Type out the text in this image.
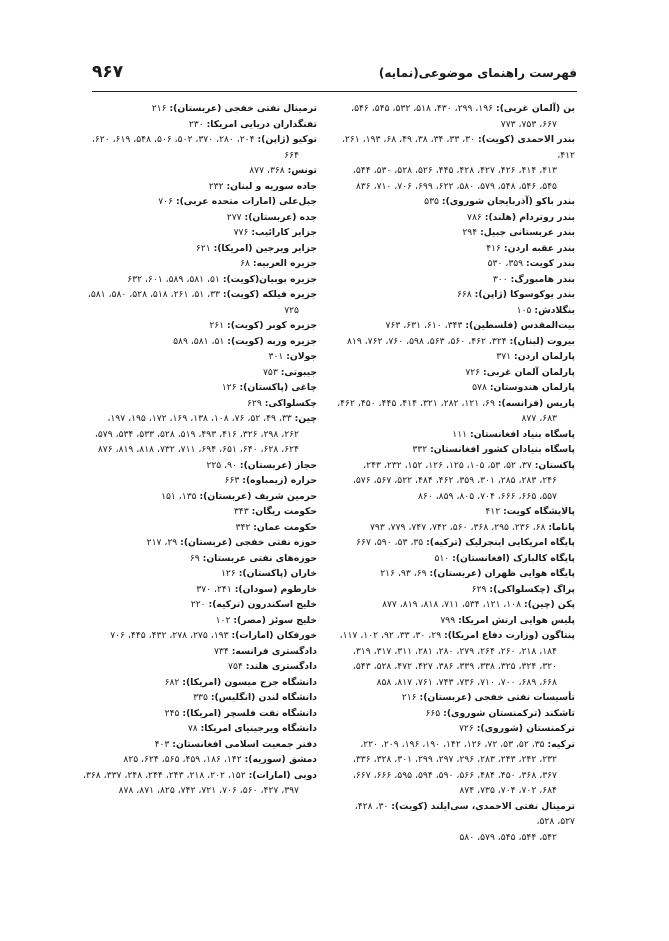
فهرست راهنمای موضوعی(نمایه)
۹۶۷

بن (آلمان غربی): ۱۹۶، ۲۹۹، ۴۳۰، ۵۱۸، ۵۳۲، ۵۴۵، ۵۴۶،
۶۶۷، ۷۵۳، ۷۷۳

بندر الاحمدی (کویت): ۳۰، ۳۳، ۳۴، ۳۸، ۴۹، ۶۸، ۱۹۳، ۲۶۱، ۴۱۲،
۴۱۳، ۴۱۴، ۴۲۶، ۴۲۷، ۴۲۸، ۴۴۵، ۵۲۶، ۵۲۸، ۵۳۰، ۵۴۴، ۵۴۵، ۵۴۶، ۵۴۸، ۵۷۹، ۵۸۰، ۶۲۲، ۶۹۹، ۷۰۶، ۷۱۰، ۸۳۶

بندر باکو (آذربایجان شوروی): ۵۳۵

بندر روتردام (هلند): ۷۸۶

بندر عربستانی جبیل: ۲۹۴

بندر عقبه اردن: ۴۱۶

بندر کویت: ۳۵۹، ۵۳۰

بندر هامبورگ: ۳۰۰

بندر یوکوسوکا (ژاپن): ۶۶۸

بنگلادش: ۱۰۵

بیت‌المقدس (فلسطین): ۳۴۳، ۶۱۰، ۶۳۱، ۷۶۳

بیروت (لبنان): ۳۲۴، ۴۶۲، ۵۶۰، ۵۶۳، ۵۹۸، ۷۶۰، ۷۶۲، ۸۱۹

پارلمان اردن: ۳۷۱

پارلمان آلمان غربی: ۷۲۶

پارلمان هندوستان: ۵۷۸

پاریس (فرانسه): ۶۹، ۱۲۱، ۲۸۲، ۳۲۱، ۴۱۴، ۴۴۵، ۴۵۰، ۴۶۲،
۶۸۳، ۸۷۷

پاسگاه بنیاد افغانستان: ۱۱۱

پاسگاه بنیادان کشور افغانستان: ۳۳۲

پاکستان: ۳۷، ۵۲، ۵۳، ۱۰۵، ۱۲۵، ۱۲۶، ۱۵۲، ۲۳۲، ۲۴۳،
۲۴۶، ۲۸۳، ۲۸۵، ۳۰۱، ۳۵۹، ۴۶۲، ۴۸۴، ۵۲۲، ۵۶۷، ۵۷۶، ۵۵۷، ۶۶۵، ۶۶۶، ۷۰۴، ۸۰۵، ۸۵۹، ۸۶۰

پالایشگاه کویت: ۴۱۲

پاناما: ۶۸، ۲۳۶، ۲۹۵، ۳۶۸، ۵۶۰، ۷۴۲، ۷۴۷، ۷۷۹، ۷۹۳

پایگاه امریکایی اینجرلیک (ترکیه): ۳۵، ۵۳، ۵۹۰، ۶۶۷

پایگاه کالبارک (افغانستان): ۵۱۰

پایگاه هوایی ظهران (عربستان): ۶۹، ۹۳، ۲۱۶

پراگ (چکسلواکی): ۶۲۹

پکن (چین): ۱۰۸، ۱۲۱، ۵۳۴، ۷۱۱، ۸۱۸، ۸۱۹، ۸۷۷

پلیس هوایی ارتش امریکا: ۷۹۹

پنتاگون (وزارت دفاع امریکا): ۲۹، ۳۰، ۳۳، ۹۲، ۱۰۲، ۱۱۷،
۱۸۴، ۲۱۸، ۲۶۰، ۲۶۴، ۲۷۹، ۲۸۰، ۲۸۱، ۳۱۱، ۳۱۷، ۳۱۹، ۳۲۰، ۳۲۴، ۳۲۵، ۳۳۸، ۳۳۹، ۳۸۶، ۴۲۷، ۴۷۲، ۵۲۸، ۵۴۳، ۶۶۸، ۶۸۹، ۷۰۰، ۷۱۰، ۷۳۶، ۷۴۳، ۷۶۱، ۸۱۷، ۸۵۸

تأسیسات نفتی خفجی (عربستان): ۲۱۶

تاشکند (ترکمنستان شوروی): ۶۶۵

ترکمنستان (شوروی): ۷۲۶

ترکیه: ۳۵، ۵۲، ۵۳، ۷۲، ۱۲۶، ۱۴۲، ۱۹۰، ۱۹۶، ۲۰۹، ۲۲۰،
۲۳۲، ۲۴۲، ۲۴۳، ۲۸۳، ۲۹۶، ۲۹۷، ۲۹۹، ۳۰۱، ۳۲۸، ۳۳۶، ۳۶۷، ۳۶۸، ۴۵۰، ۴۸۴، ۵۶۶، ۵۹۰، ۵۹۴، ۵۹۵، ۶۶۶، ۶۶۷، ۶۸۴، ۷۰۲، ۷۰۴، ۷۳۵، ۸۷۴

ترمینال نفتی الاحمدی، سی‌ایلند (کویت): ۳۰، ۴۲۸، ۵۲۷، ۵۲۸،
۵۴۲، ۵۴۴، ۵۴۵، ۵۷۹، ۵۸۰

ترمینال نفتی خفجی (عربستان): ۲۱۶

تفنگداران دریایی امریکا: ۲۳۰

توکیو (ژاپن): ۲۰۴، ۲۸۰، ۳۷۰، ۵۰۲، ۵۰۶، ۵۴۸، ۶۱۹، ۶۲۰،
۶۶۴

تونس: ۳۶۸، ۸۷۷

جاده سوریه و لبنان: ۲۳۲

جبل‌علی (امارات متحده عربی): ۷۰۶

جده (عربستان): ۲۷۷

جزایر کارائیب: ۷۷۶

جزایر ویرجین (امریکا): ۶۲۱

جزیره العربیه: ۶۸

جزیره بوبیان(کویت): ۵۱، ۵۸۱، ۵۸۹، ۶۰۱، ۶۳۲

جزیره فیلکه (کویت): ۳۳، ۵۱، ۲۶۱، ۵۱۸، ۵۲۸، ۵۸۰، ۵۸۱،
۷۲۵

جزیره کوبر (کویت): ۲۶۱

جزیره وربه (کویت): ۵۱، ۵۸۱، ۵۸۹

جولان: ۳۰۱

جیبوتی: ۷۵۳

چاغی (پاکستان): ۱۲۶

چکسلواکی: ۶۲۹

چین: ۳۳، ۴۹، ۵۲، ۷۶، ۱۰۸، ۱۳۸، ۱۶۹، ۱۷۲، ۱۹۵، ۱۹۷،
۲۶۲، ۲۹۸، ۳۲۶، ۴۱۶، ۴۹۳، ۵۱۹، ۵۲۸، ۵۳۳، ۵۳۴، ۵۷۹، ۶۲۴، ۶۲۸، ۶۴۰، ۶۵۱، ۶۹۴، ۷۱۱، ۷۳۲، ۸۱۸، ۸۱۹، ۸۷۶

حجاز (عربستان): ۹۰، ۲۲۵

حراره (زیمباوه): ۶۶۳

حرمین شریف (عربستان): ۱۳۵، ۱۵۱

حکومت ریگان: ۳۴۳

حکومت عمان: ۳۴۲

حوزه نفتی خفجی (عربستان): ۲۹، ۲۱۷

حوزه‌های نفتی عربستان: ۶۹

خاران (پاکستان): ۱۲۶

خارطوم (سودان): ۲۴۱، ۳۷۰

خلیج اسکندرون (ترکیه): ۲۲۰

خلیج سوئز (مصر): ۱۰۲

خورفکان (امارات): ۱۹۳، ۲۷۵، ۲۷۸، ۴۳۲، ۴۴۵، ۷۰۶

دادگستری فرانسه: ۷۳۴

دادگستری هلند: ۷۵۴

دانشگاه جرج میسون (امریکا): ۶۸۲

دانشگاه لندن (انگلیس): ۳۳۵

دانشگاه نفت فلسچر (امریکا): ۲۴۵

دانشگاه ویرجینیای امریکا: ۷۸

دفتر جمعیت اسلامی افغانستان: ۴۰۳

دمشق (سوریه): ۱۴۲، ۱۸۶، ۴۵۹، ۵۶۵، ۶۲۴، ۸۲۵

دوبی (امارات): ۱۵۲، ۲۰۲، ۲۱۸، ۲۴۳، ۲۴۴، ۲۴۸، ۳۳۷، ۳۶۸،
۳۹۷، ۴۲۷، ۵۶۰، ۷۰۶، ۷۲۱، ۷۴۲، ۸۲۵، ۸۷۱، ۸۷۸
